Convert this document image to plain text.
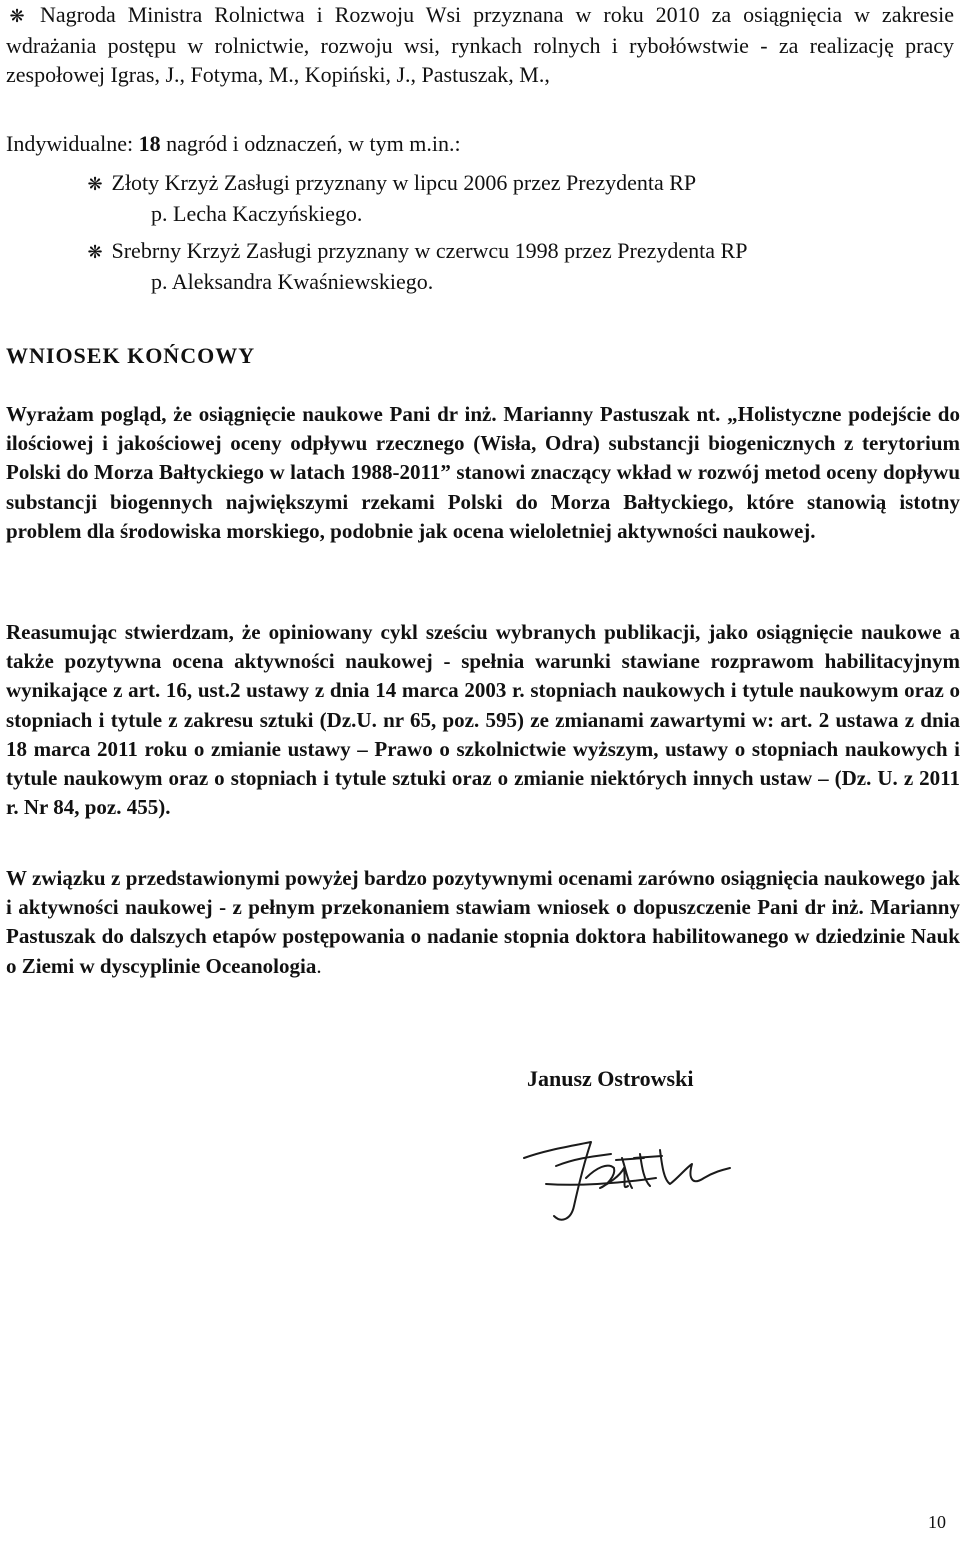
❋ Nagroda Ministra Rolnictwa i Rozwoju Wsi przyznana w roku 2010 za osiągnięcia w zakresie wdrażania postępu w rolnictwie, rozwoju wsi, rynkach rolnych i rybołówstwie - za realizację pracy zespołowej Igras, J., Fotyma, M., Kopiński, J., Pastuszak, M.,
Indywidualne: 18 nagród i odznaczeń, w tym m.in.:
❋ Złoty Krzyż Zasługi przyznany w lipcu 2006 przez Prezydenta RP
p. Lecha Kaczyńskiego.
❋ Srebrny Krzyż Zasługi przyznany w czerwcu 1998 przez Prezydenta RP
p. Aleksandra Kwaśniewskiego.
WNIOSEK KOŃCOWY
Wyrażam pogląd, że osiągnięcie naukowe Pani dr inż. Marianny Pastuszak nt. „Holistyczne podejście do ilościowej i jakościowej oceny odpływu rzecznego (Wisła, Odra) substancji biogenicznych z terytorium Polski do Morza Bałtyckiego w latach 1988-2011” stanowi znaczący wkład w rozwój metod oceny dopływu substancji biogennych największymi rzekami Polski do Morza Bałtyckiego, które stanowią istotny problem dla środowiska morskiego, podobnie jak ocena wieloletniej aktywności naukowej.
Reasumując stwierdzam, że opiniowany cykl sześciu wybranych publikacji, jako osiągnięcie naukowe a także pozytywna ocena aktywności naukowej - spełnia warunki stawiane rozprawom habilitacyjnym wynikające z art. 16, ust.2 ustawy z dnia 14 marca 2003 r. stopniach naukowych i tytule naukowym oraz o stopniach i tytule z zakresu sztuki (Dz.U. nr 65, poz. 595) ze zmianami zawartymi w: art. 2 ustawa z dnia 18 marca 2011 roku o zmianie ustawy – Prawo o szkolnictwie wyższym, ustawy o stopniach naukowych i tytule naukowym oraz o stopniach i tytule sztuki oraz o zmianie niektórych innych ustaw – (Dz. U. z 2011 r. Nr 84, poz. 455).
W związku z przedstawionymi powyżej bardzo pozytywnymi ocenami zarówno osiągnięcia naukowego jak i aktywności naukowej - z pełnym przekonaniem stawiam wniosek o dopuszczenie Pani dr inż. Marianny Pastuszak do dalszych etapów postępowania o nadanie stopnia doktora habilitowanego w dziedzinie Nauk o Ziemi w dyscyplinie Oceanologia.
Janusz Ostrowski
10
